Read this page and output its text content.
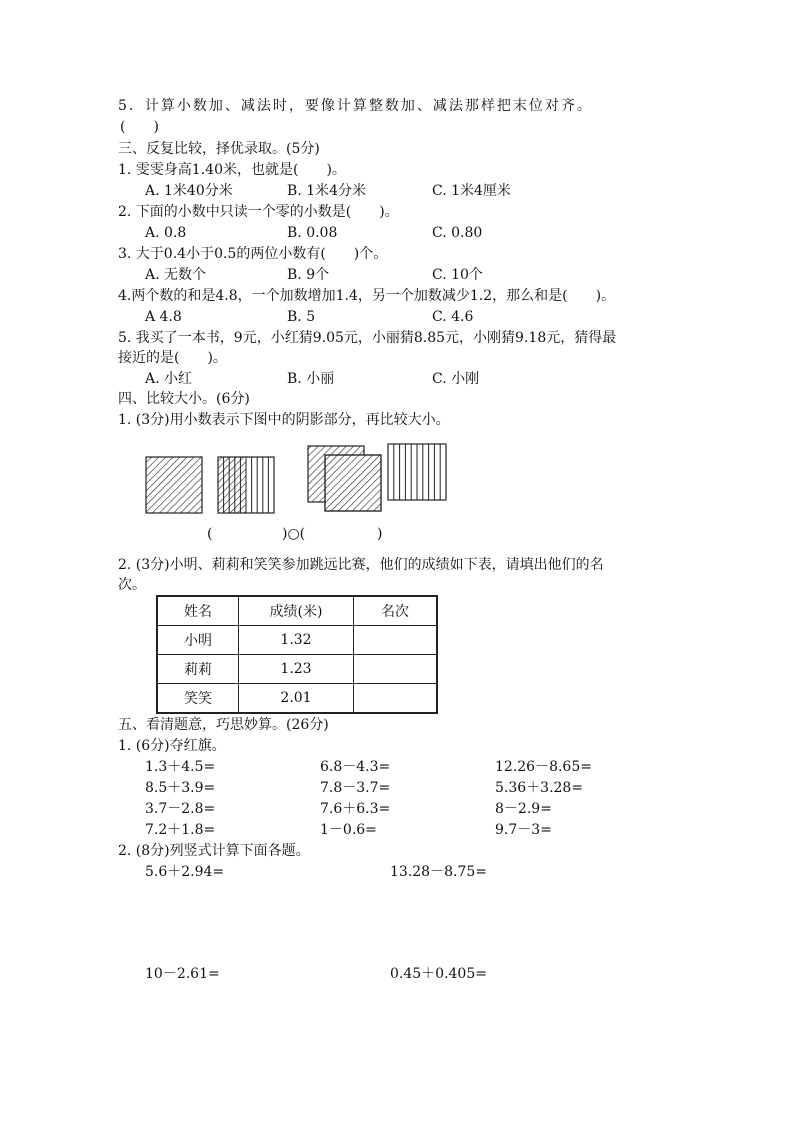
5．计算小数加、减法时，要像计算整数加、减法那样把末位对齐。
(　　)
三、反复比较，择优录取。(5分)
1. 雯雯身高1.40米，也就是(　　)。
A. 1米40分米	B. 1米4分米	C. 1米4厘米
2. 下面的小数中只读一个零的小数是(　　)。
A. 0.8	B. 0.08	C. 0.80
3. 大于0.4小于0.5的两位小数有(　　)个。
A. 无数个	B. 9个	C. 10个
4.两个数的和是4.8，一个加数增加1.4，另一个加数减少1.2，那么和是(　　)。
A 4.8	B. 5	C. 4.6
5. 我买了一本书，9元，小红猜9.05元，小丽猜8.85元，小刚猜9.18元，猜得最
接近的是(　　)。
A. 小红	B. 小丽	C. 小刚
四、比较大小。(6分)
1. (3分)用小数表示下图中的阴影部分，再比较大小。
(	)○(	)
2. (3分)小明、莉莉和笑笑参加跳远比赛，他们的成绩如下表，请填出他们的名
次。
姓名	成绩(米)	名次
小明	1.32	
莉莉	1.23	
笑笑	2.01	
五、看清题意，巧思妙算。(26分)
1. (6分)夺红旗。
1.3＋4.5=	6.8－4.3=	12.26－8.65=
8.5＋3.9=	7.8－3.7=	5.36＋3.28=
3.7－2.8=	7.6＋6.3=	8－2.9=
7.2＋1.8=	1－0.6=	9.7－3=
2. (8分)列竖式计算下面各题。
5.6＋2.94=	13.28－8.75=
10－2.61=	0.45＋0.405=
